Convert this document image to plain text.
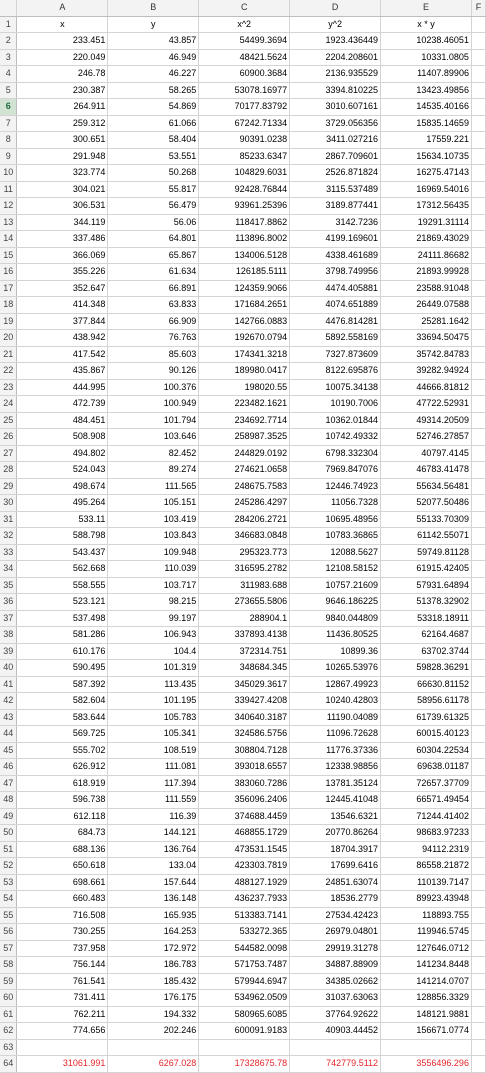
	A	B	C	D	E	F
1	x	y	x^2	y^2	x * y	
2	233.451	43.857	54499.3694	1923.436449	10238.46051	
3	220.049	46.949	48421.5624	2204.208601	10331.0805	
4	246.78	46.227	60900.3684	2136.935529	11407.89906	
5	230.387	58.265	53078.16977	3394.810225	13423.49856	
6	264.911	54.869	70177.83792	3010.607161	14535.40166	
7	259.312	61.066	67242.71334	3729.056356	15835.14659	
8	300.651	58.404	90391.0238	3411.027216	17559.221	
9	291.948	53.551	85233.6347	2867.709601	15634.10735	
10	323.774	50.268	104829.6031	2526.871824	16275.47143	
11	304.021	55.817	92428.76844	3115.537489	16969.54016	
12	306.531	56.479	93961.25396	3189.877441	17312.56435	
13	344.119	56.06	118417.8862	3142.7236	19291.31114	
14	337.486	64.801	113896.8002	4199.169601	21869.43029	
15	366.069	65.867	134006.5128	4338.461689	24111.86682	
16	355.226	61.634	126185.5111	3798.749956	21893.99928	
17	352.647	66.891	124359.9066	4474.405881	23588.91048	
18	414.348	63.833	171684.2651	4074.651889	26449.07588	
19	377.844	66.909	142766.0883	4476.814281	25281.1642	
20	438.942	76.763	192670.0794	5892.558169	33694.50475	
21	417.542	85.603	174341.3218	7327.873609	35742.84783	
22	435.867	90.126	189980.0417	8122.695876	39282.94924	
23	444.995	100.376	198020.55	10075.34138	44666.81812	
24	472.739	100.949	223482.1621	10190.7006	47722.52931	
25	484.451	101.794	234692.7714	10362.01844	49314.20509	
26	508.908	103.646	258987.3525	10742.49332	52746.27857	
27	494.802	82.452	244829.0192	6798.332304	40797.4145	
28	524.043	89.274	274621.0658	7969.847076	46783.41478	
29	498.674	111.565	248675.7583	12446.74923	55634.56481	
30	495.264	105.151	245286.4297	11056.7328	52077.50486	
31	533.11	103.419	284206.2721	10695.48956	55133.70309	
32	588.798	103.843	346683.0848	10783.36865	61142.55071	
33	543.437	109.948	295323.773	12088.5627	59749.81128	
34	562.668	110.039	316595.2782	12108.58152	61915.42405	
35	558.555	103.717	311983.688	10757.21609	57931.64894	
36	523.121	98.215	273655.5806	9646.186225	51378.32902	
37	537.498	99.197	288904.1	9840.044809	53318.18911	
38	581.286	106.943	337893.4138	11436.80525	62164.4687	
39	610.176	104.4	372314.751	10899.36	63702.3744	
40	590.495	101.319	348684.345	10265.53976	59828.36291	
41	587.392	113.435	345029.3617	12867.49923	66630.81152	
42	582.604	101.195	339427.4208	10240.42803	58956.61178	
43	583.644	105.783	340640.3187	11190.04089	61739.61325	
44	569.725	105.341	324586.5756	11096.72628	60015.40123	
45	555.702	108.519	308804.7128	11776.37336	60304.22534	
46	626.912	111.081	393018.6557	12338.98856	69638.01187	
47	618.919	117.394	383060.7286	13781.35124	72657.37709	
48	596.738	111.559	356096.2406	12445.41048	66571.49454	
49	612.118	116.39	374688.4459	13546.6321	71244.41402	
50	684.73	144.121	468855.1729	20770.86264	98683.97233	
51	688.136	136.764	473531.1545	18704.3917	94112.2319	
52	650.618	133.04	423303.7819	17699.6416	86558.21872	
53	698.661	157.644	488127.1929	24851.63074	110139.7147	
54	660.483	136.148	436237.7933	18536.2779	89923.43948	
55	716.508	165.935	513383.7141	27534.42423	118893.755	
56	730.255	164.253	533272.365	26979.04801	119946.5745	
57	737.958	172.972	544582.0098	29919.31278	127646.0712	
58	756.144	186.783	571753.7487	34887.88909	141234.8448	
59	761.541	185.432	579944.6947	34385.02662	141214.0707	
60	731.411	176.175	534962.0509	31037.63063	128856.3329	
61	762.211	194.332	580965.6085	37764.92622	148121.9881	
62	774.656	202.246	600091.9183	40903.44452	156671.0774	
63						
64	31061.991	6267.028	17328675.78	742779.5112	3556496.296	
